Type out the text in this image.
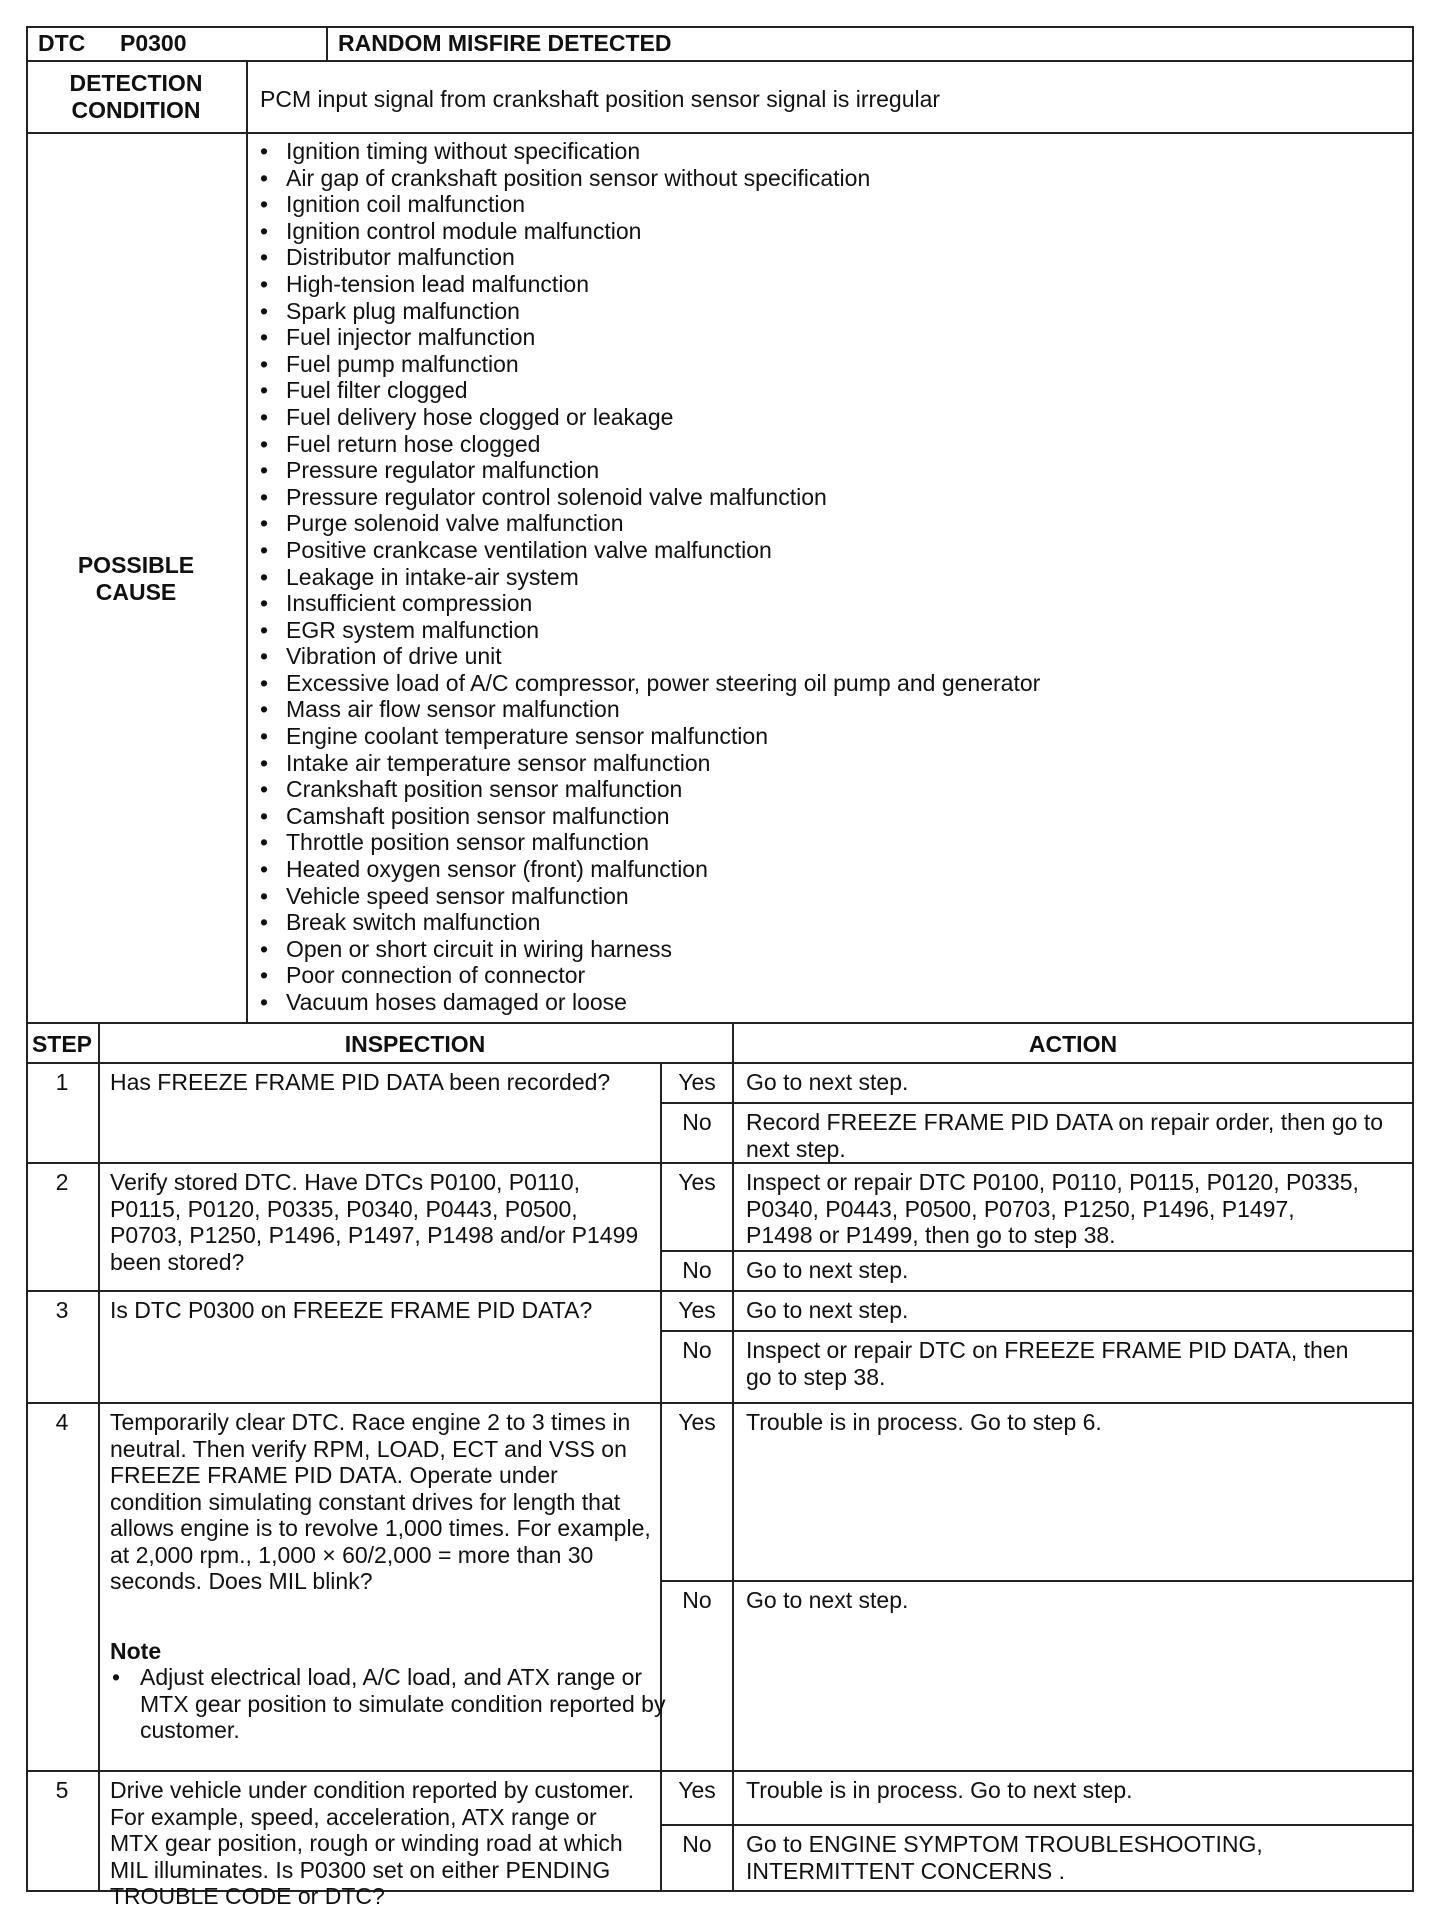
DTC P0300	RANDOM MISFIRE DETECTED
DETECTION CONDITION	PCM input signal from crankshaft position sensor signal is irregular
POSSIBLE CAUSE
• Ignition timing without specification
• Air gap of crankshaft position sensor without specification
• Ignition coil malfunction
• Ignition control module malfunction
• Distributor malfunction
• High-tension lead malfunction
• Spark plug malfunction
• Fuel injector malfunction
• Fuel pump malfunction
• Fuel filter clogged
• Fuel delivery hose clogged or leakage
• Fuel return hose clogged
• Pressure regulator malfunction
• Pressure regulator control solenoid valve malfunction
• Purge solenoid valve malfunction
• Positive crankcase ventilation valve malfunction
• Leakage in intake-air system
• Insufficient compression
• EGR system malfunction
• Vibration of drive unit
• Excessive load of A/C compressor, power steering oil pump and generator
• Mass air flow sensor malfunction
• Engine coolant temperature sensor malfunction
• Intake air temperature sensor malfunction
• Crankshaft position sensor malfunction
• Camshaft position sensor malfunction
• Throttle position sensor malfunction
• Heated oxygen sensor (front) malfunction
• Vehicle speed sensor malfunction
• Break switch malfunction
• Open or short circuit in wiring harness
• Poor connection of connector
• Vacuum hoses damaged or loose
STEP	INSPECTION	ACTION
1	Has FREEZE FRAME PID DATA been recorded?	Yes	Go to next step.
No	Record FREEZE FRAME PID DATA on repair order, then go to next step.
2	Verify stored DTC. Have DTCs P0100, P0110, P0115, P0120, P0335, P0340, P0443, P0500, P0703, P1250, P1496, P1497, P1498 and/or P1499 been stored?
Yes	Inspect or repair DTC P0100, P0110, P0115, P0120, P0335, P0340, P0443, P0500, P0703, P1250, P1496, P1497, P1498 or P1499, then go to step 38.
No	Go to next step.
3	Is DTC P0300 on FREEZE FRAME PID DATA?	Yes	Go to next step.
No	Inspect or repair DTC on FREEZE FRAME PID DATA, then go to step 38.
4	Temporarily clear DTC. Race engine 2 to 3 times in neutral. Then verify RPM, LOAD, ECT and VSS on FREEZE FRAME PID DATA. Operate under condition simulating constant drives for length that allows engine is to revolve 1,000 times. For example, at 2,000 rpm., 1,000 × 60/2,000 = more than 30 seconds. Does MIL blink?
Note
• Adjust electrical load, A/C load, and ATX range or MTX gear position to simulate condition reported by customer.
Yes	Trouble is in process. Go to step 6.
No	Go to next step.
5	Drive vehicle under condition reported by customer. For example, speed, acceleration, ATX range or MTX gear position, rough or winding road at which MIL illuminates. Is P0300 set on either PENDING TROUBLE CODE or DTC?
Yes	Trouble is in process. Go to next step.
No	Go to ENGINE SYMPTOM TROUBLESHOOTING, INTERMITTENT CONCERNS .
